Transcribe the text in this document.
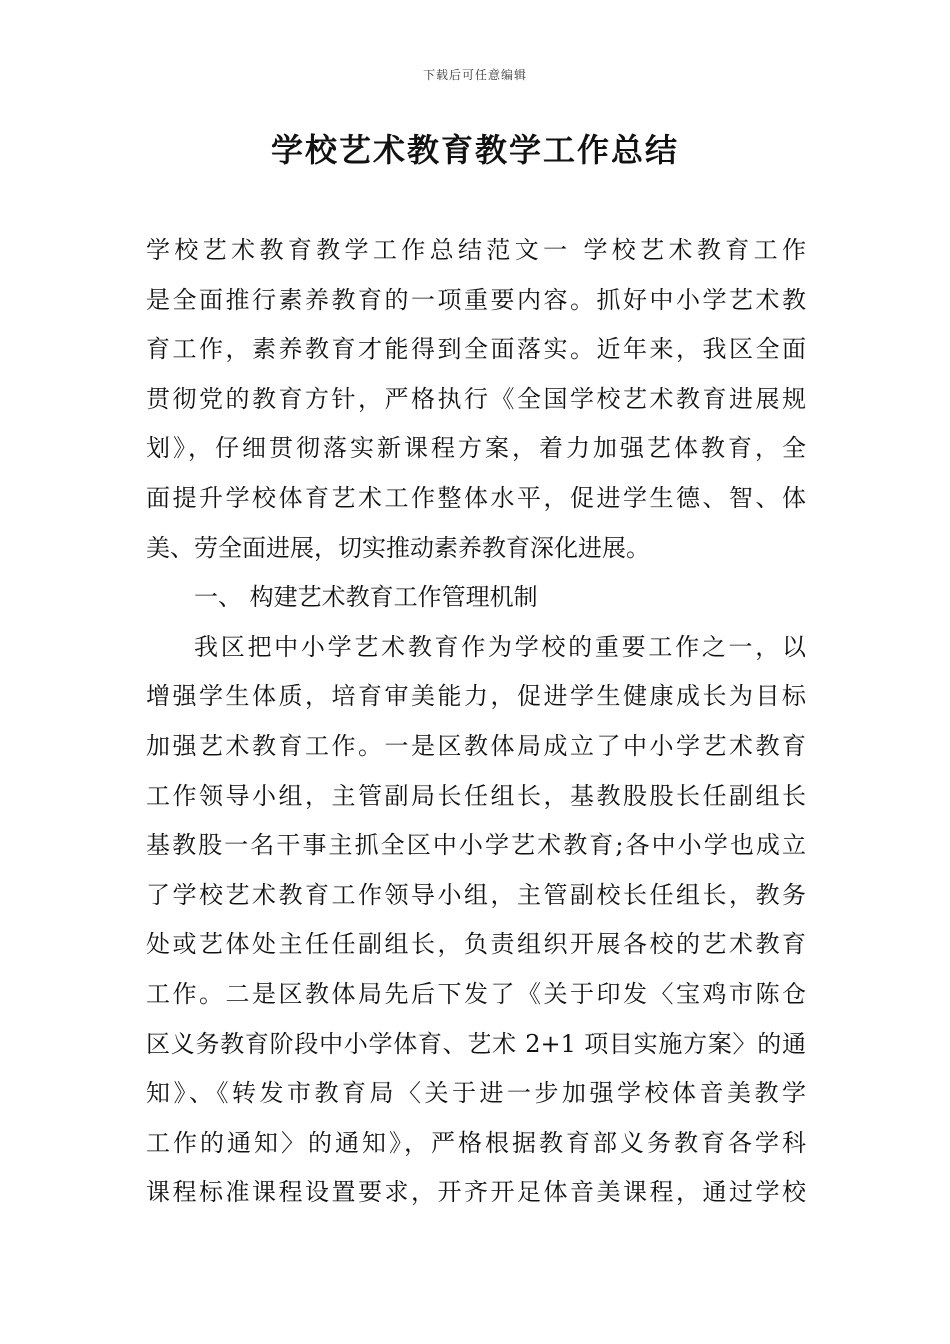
下载后可任意编辑
学校艺术教育教学工作总结
学校艺术教育教学工作总结范文一 学校艺术教育工作
是全面推行素养教育的一项重要内容。抓好中小学艺术教
育工作，素养教育才能得到全面落实。近年来，我区全面
贯彻党的教育方针，严格执行《全国学校艺术教育进展规
划》，仔细贯彻落实新课程方案，着力加强艺体教育，全
面提升学校体育艺术工作整体水平，促进学生德、智、体
美、劳全面进展，切实推动素养教育深化进展。
一、 构建艺术教育工作管理机制
我区把中小学艺术教育作为学校的重要工作之一，以
增强学生体质，培育审美能力，促进学生健康成长为目标
加强艺术教育工作。一是区教体局成立了中小学艺术教育
工作领导小组，主管副局长任组长，基教股股长任副组长
基教股一名干事主抓全区中小学艺术教育;各中小学也成立
了学校艺术教育工作领导小组，主管副校长任组长，教务
处或艺体处主任任副组长，负责组织开展各校的艺术教育
工作。二是区教体局先后下发了《关于印发〈宝鸡市陈仓
区义务教育阶段中小学体育、艺术 2+1 项目实施方案〉的通
知》、《转发市教育局〈关于进一步加强学校体音美教学
工作的通知〉的通知》，严格根据教育部义务教育各学科
课程标准课程设置要求，开齐开足体音美课程，通过学校
